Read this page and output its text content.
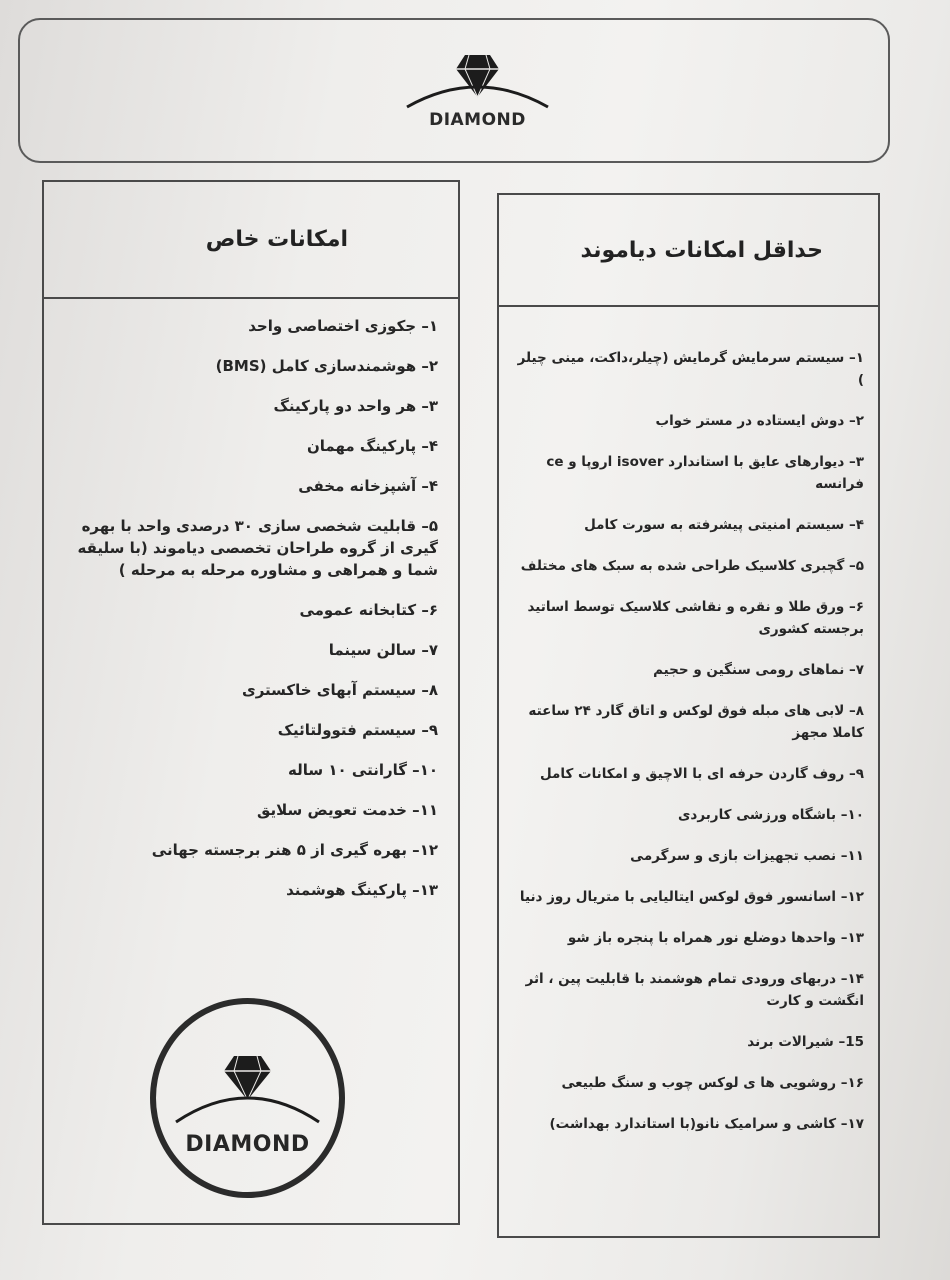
DIAMOND
امکانات خاص
۱– جکوزی اختصاصی واحد
۲– هوشمندسازی کامل (BMS)
۳– هر واحد دو پارکینگ
۴– پارکینگ مهمان
۴– آشپزخانه مخفی
۵– قابلیت شخصی سازی ۳۰ درصدی واحد با بهره گیری از گروه طراحان تخصصی دیاموند (با سلیقه شما و همراهی و مشاوره مرحله به مرحله )
۶– کتابخانه عمومی
۷– سالن سینما
۸– سیستم آبهای خاکستری
۹– سیستم فتوولتائیک
۱۰– گارانتی ۱۰ ساله
۱۱– خدمت تعویض سلایق
۱۲– بهره گیری از ۵ هنر برجسته جهانی
۱۳– پارکینگ هوشمند
حداقل امکانات دیاموند
۱– سیستم سرمایش گرمایش (چیلر،داکت، مینی چیلر )
۲– دوش ایستاده در مستر خواب
۳– دیوارهای عایق با استاندارد isover اروپا و ce فرانسه
۴– سیستم امنیتی پیشرفته به سورت کامل
۵– گچبری کلاسیک طراحی شده به سبک های مختلف
۶– ورق طلا و نقره و نقاشی کلاسیک توسط اساتید برجسته کشوری
۷– نماهای رومی سنگین و حجیم
۸– لابی های مبله فوق لوکس و اتاق گارد ۲۴ ساعته کاملا مجهز
۹– روف گاردن حرفه ای با الاچیق و امکانات کامل
۱۰– باشگاه ورزشی کاربردی
۱۱– نصب تجهیزات بازی و سرگرمی
۱۲– اسانسور فوق لوکس ایتالیایی با متریال روز دنیا
۱۳– واحدها دوضلع نور همراه با پنجره باز شو
۱۴– دربهای ورودی تمام هوشمند با قابلیت پین ، اثر انگشت و کارت
15– شیرالات برند
۱۶– روشویی ها ی لوکس چوب و سنگ طبیعی
۱۷– کاشی و سرامیک نانو(با استاندارد بهداشت)
DIAMOND
